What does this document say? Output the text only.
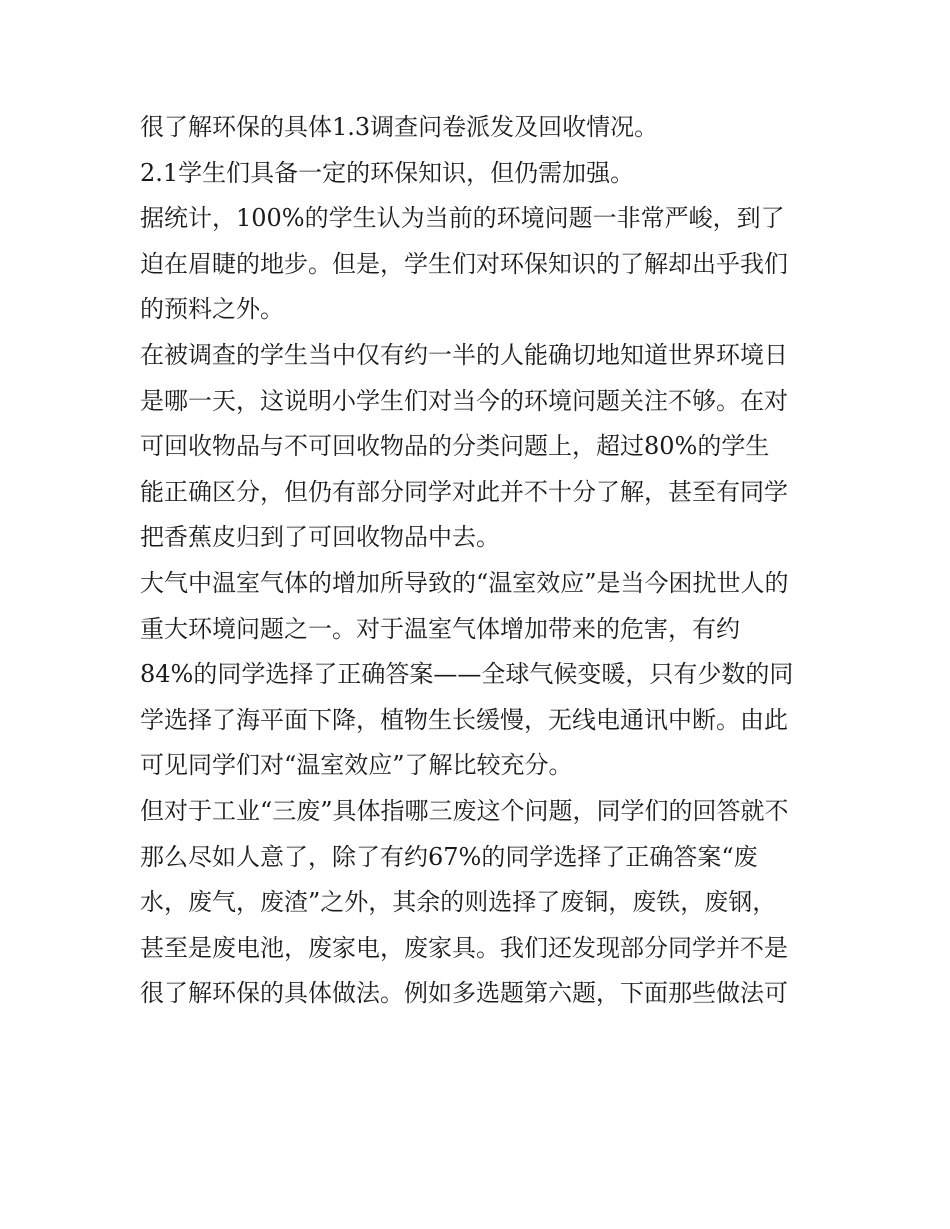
很了解环保的具体1.3调查问卷派发及回收情况。
2.1学生们具备一定的环保知识，但仍需加强。
据统计，100%的学生认为当前的环境问题一非常严峻，到了
迫在眉睫的地步。但是，学生们对环保知识的了解却出乎我们
的预料之外。
在被调查的学生当中仅有约一半的人能确切地知道世界环境日
是哪一天，这说明小学生们对当今的环境问题关注不够。在对
可回收物品与不可回收物品的分类问题上，超过80%的学生
能正确区分，但仍有部分同学对此并不十分了解，甚至有同学
把香蕉皮归到了可回收物品中去。
大气中温室气体的增加所导致的“温室效应”是当今困扰世人的
重大环境问题之一。对于温室气体增加带来的危害，有约
84%的同学选择了正确答案——全球气候变暖，只有少数的同
学选择了海平面下降，植物生长缓慢，无线电通讯中断。由此
可见同学们对“温室效应”了解比较充分。
但对于工业“三废”具体指哪三废这个问题，同学们的回答就不
那么尽如人意了，除了有约67%的同学选择了正确答案“废
水，废气，废渣”之外，其余的则选择了废铜，废铁，废钢，
甚至是废电池，废家电，废家具。我们还发现部分同学并不是
很了解环保的具体做法。例如多选题第六题，下面那些做法可
